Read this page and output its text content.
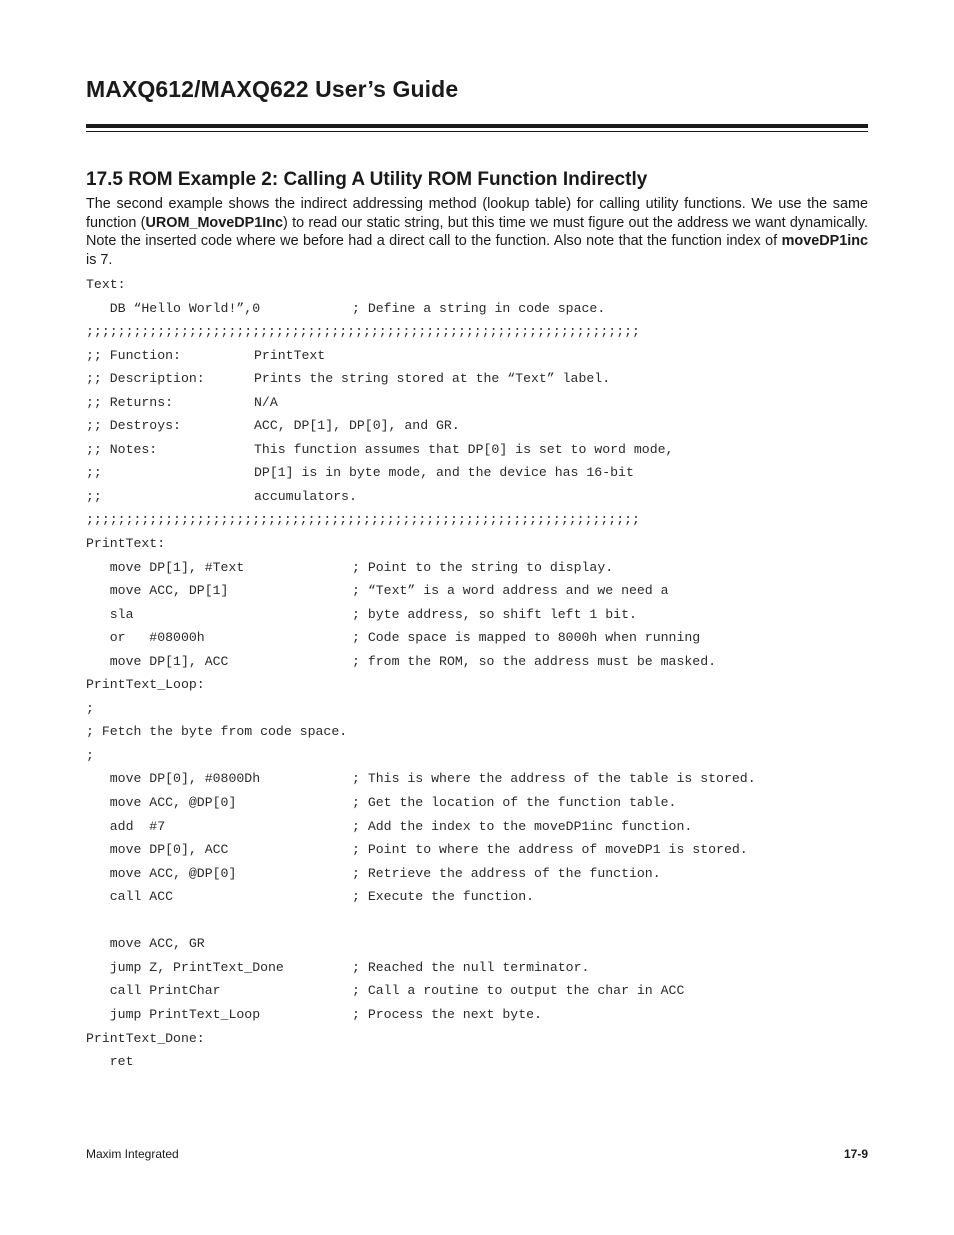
MAXQ612/MAXQ622 User’s Guide
17.5 ROM Example 2: Calling A Utility ROM Function Indirectly

The second example shows the indirect addressing method (lookup table) for calling utility functions. We use the same function (UROM_MoveDP1Inc) to read our static string, but this time we must figure out the address we want dynamically. Note the inserted code where we before had a direct call to the function. Also note that the function index of moveDP1inc is 7.

Text:
DB “Hello World!”,0	; Define a string in code space.
;;;;;;;;;;;;;;;;;;;;;;;;;;;;;;;;;;;;;;;;;;;;;;;;;;;;;;;;;;;;;;;;;;;;;;
;; Function:	PrintText
;; Description:	Prints the string stored at the “Text” label.
;; Returns:	N/A
;; Destroys:	ACC, DP[1], DP[0], and GR.
;; Notes:	This function assumes that DP[0] is set to word mode,
;;	DP[1] is in byte mode, and the device has 16-bit
;;	accumulators.
;;;;;;;;;;;;;;;;;;;;;;;;;;;;;;;;;;;;;;;;;;;;;;;;;;;;;;;;;;;;;;;;;;;;;;
PrintText:
move DP[1], #Text	; Point to the string to display.
move ACC, DP[1]	; “Text” is a word address and we need a
sla	; byte address, so shift left 1 bit.
or   #08000h	; Code space is mapped to 8000h when running
move DP[1], ACC	; from the ROM, so the address must be masked.
PrintText_Loop:
;
; Fetch the byte from code space.
;
move DP[0], #0800Dh	; This is where the address of the table is stored.
move ACC, @DP[0]	; Get the location of the function table.
add  #7	; Add the index to the moveDP1inc function.
move DP[0], ACC	; Point to where the address of moveDP1 is stored.
move ACC, @DP[0]	; Retrieve the address of the function.
call ACC	; Execute the function.
move ACC, GR
jump Z, PrintText_Done	; Reached the null terminator.
call PrintChar	; Call a routine to output the char in ACC
jump PrintText_Loop	; Process the next byte.
PrintText_Done:
ret
Maxim Integrated	17-9
